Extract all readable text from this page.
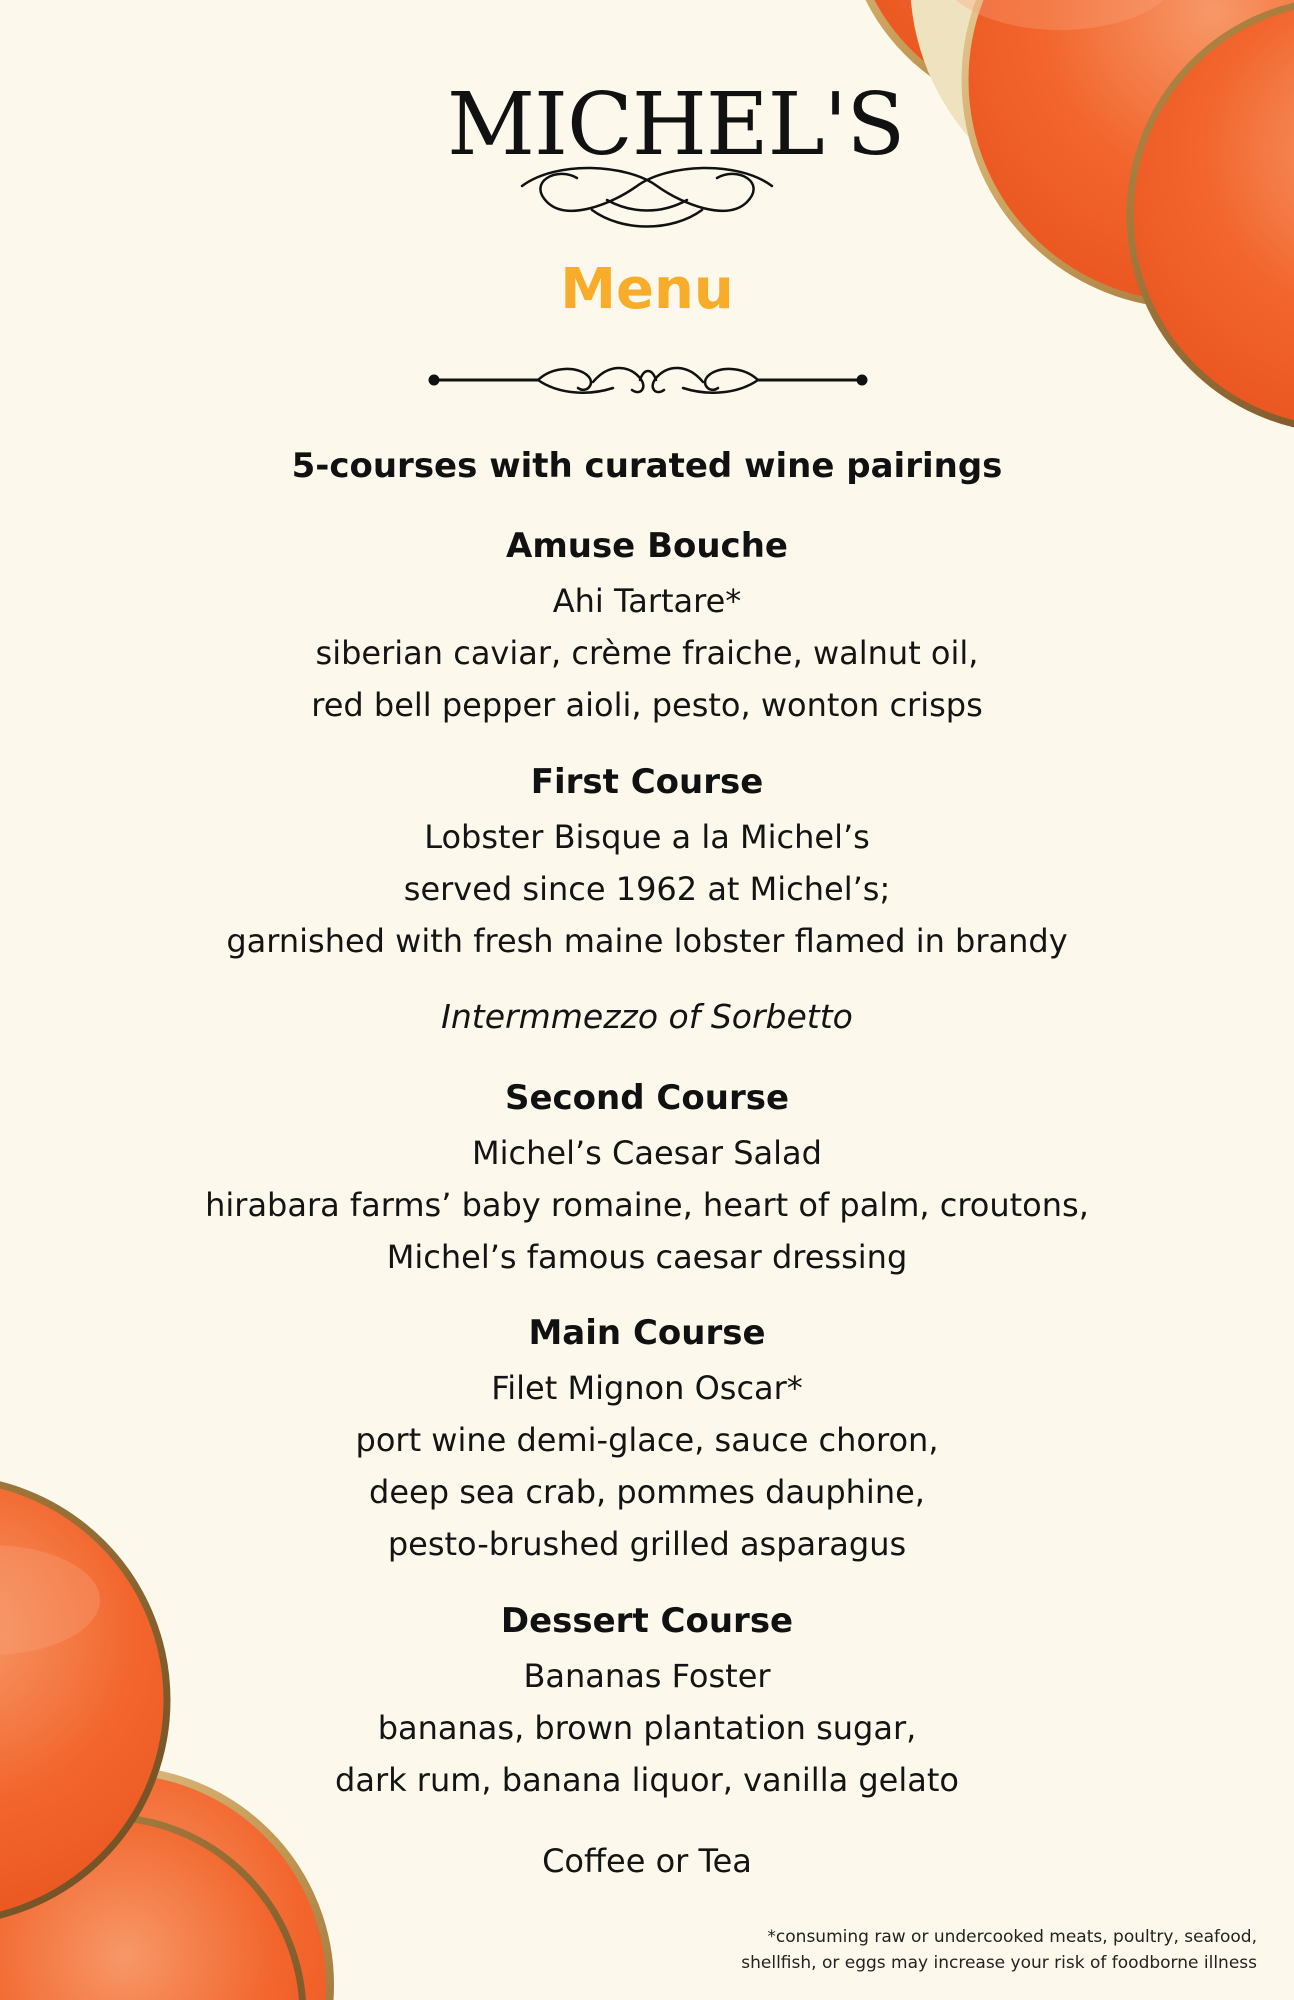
MICHEL'S
Menu
5-courses with curated wine pairings
Amuse Bouche
Ahi Tartare*
siberian caviar, crème fraiche, walnut oil,
red bell pepper aioli, pesto, wonton crisps
First Course
Lobster Bisque a la Michel’s
served since 1962 at Michel’s;
garnished with fresh maine lobster flamed in brandy
Intermmezzo of Sorbetto
Second Course
Michel’s Caesar Salad
hirabara farms’ baby romaine, heart of palm, croutons,
Michel’s famous caesar dressing
Main Course
Filet Mignon Oscar*
port wine demi-glace, sauce choron,
deep sea crab, pommes dauphine,
pesto-brushed grilled asparagus
Dessert Course
Bananas Foster
bananas, brown plantation sugar,
dark rum, banana liquor, vanilla gelato
Coffee or Tea
*consuming raw or undercooked meats, poultry, seafood,
shellfish, or eggs may increase your risk of foodborne illness
